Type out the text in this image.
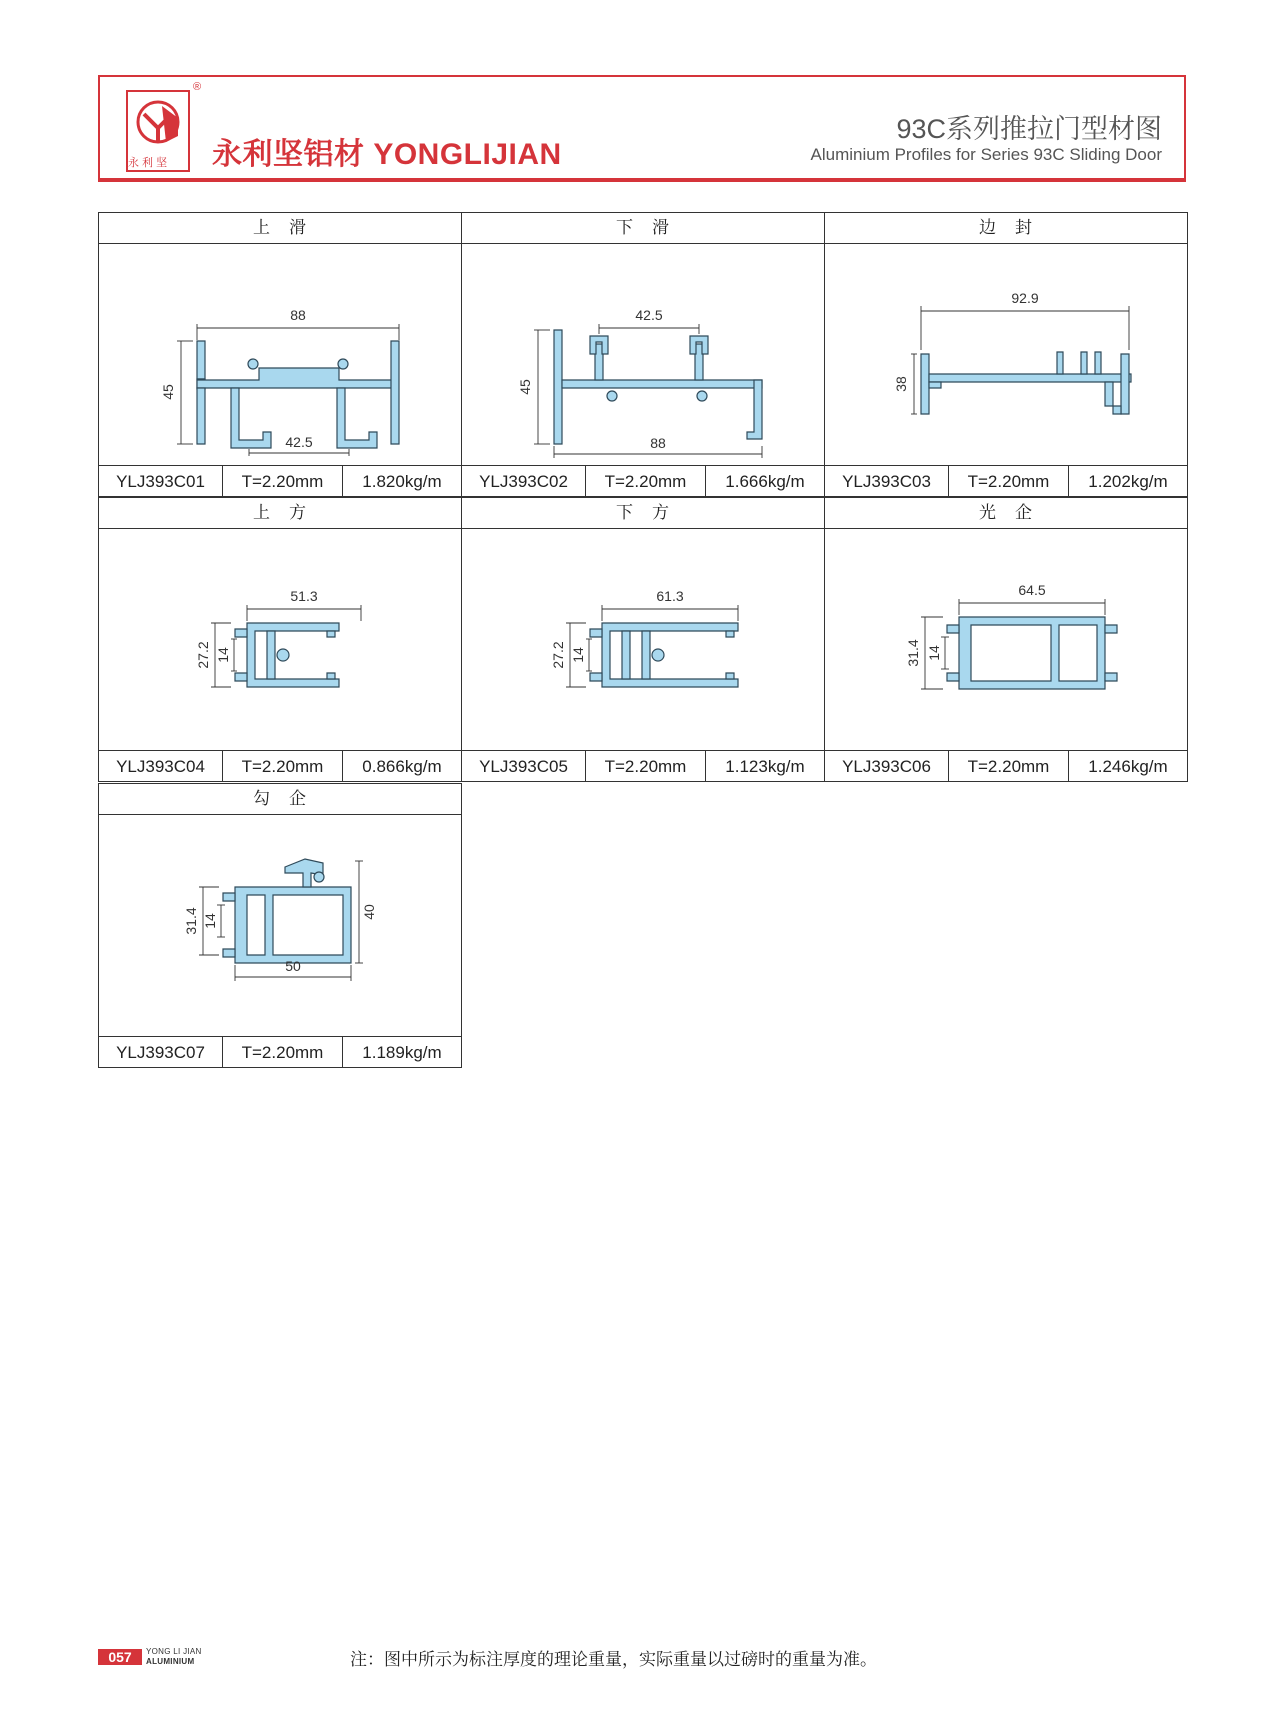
永 利 坚
®
永利坚铝材 YONGLIJIAN
93C系列推拉门型材图
Aluminium Profiles for Series 93C Sliding Door
上　滑
88
45
42.5
YLJ393C01	T=2.20mm	1.820kg/m
下　滑
42.5
45
88
YLJ393C02	T=2.20mm	1.666kg/m
边　封
92.9
38
YLJ393C03	T=2.20mm	1.202kg/m
上　方
51.3
27.2 14
YLJ393C04	T=2.20mm	0.866kg/m
下　方
61.3
27.2 14
YLJ393C05	T=2.20mm	1.123kg/m
光　企
64.5
31.4 14
YLJ393C06	T=2.20mm	1.246kg/m
勾　企
31.4 14
40
50
YLJ393C07	T=2.20mm	1.189kg/m
057	YONG LI JIAN
ALUMINIUM	注：图中所示为标注厚度的理论重量，实际重量以过磅时的重量为准。
